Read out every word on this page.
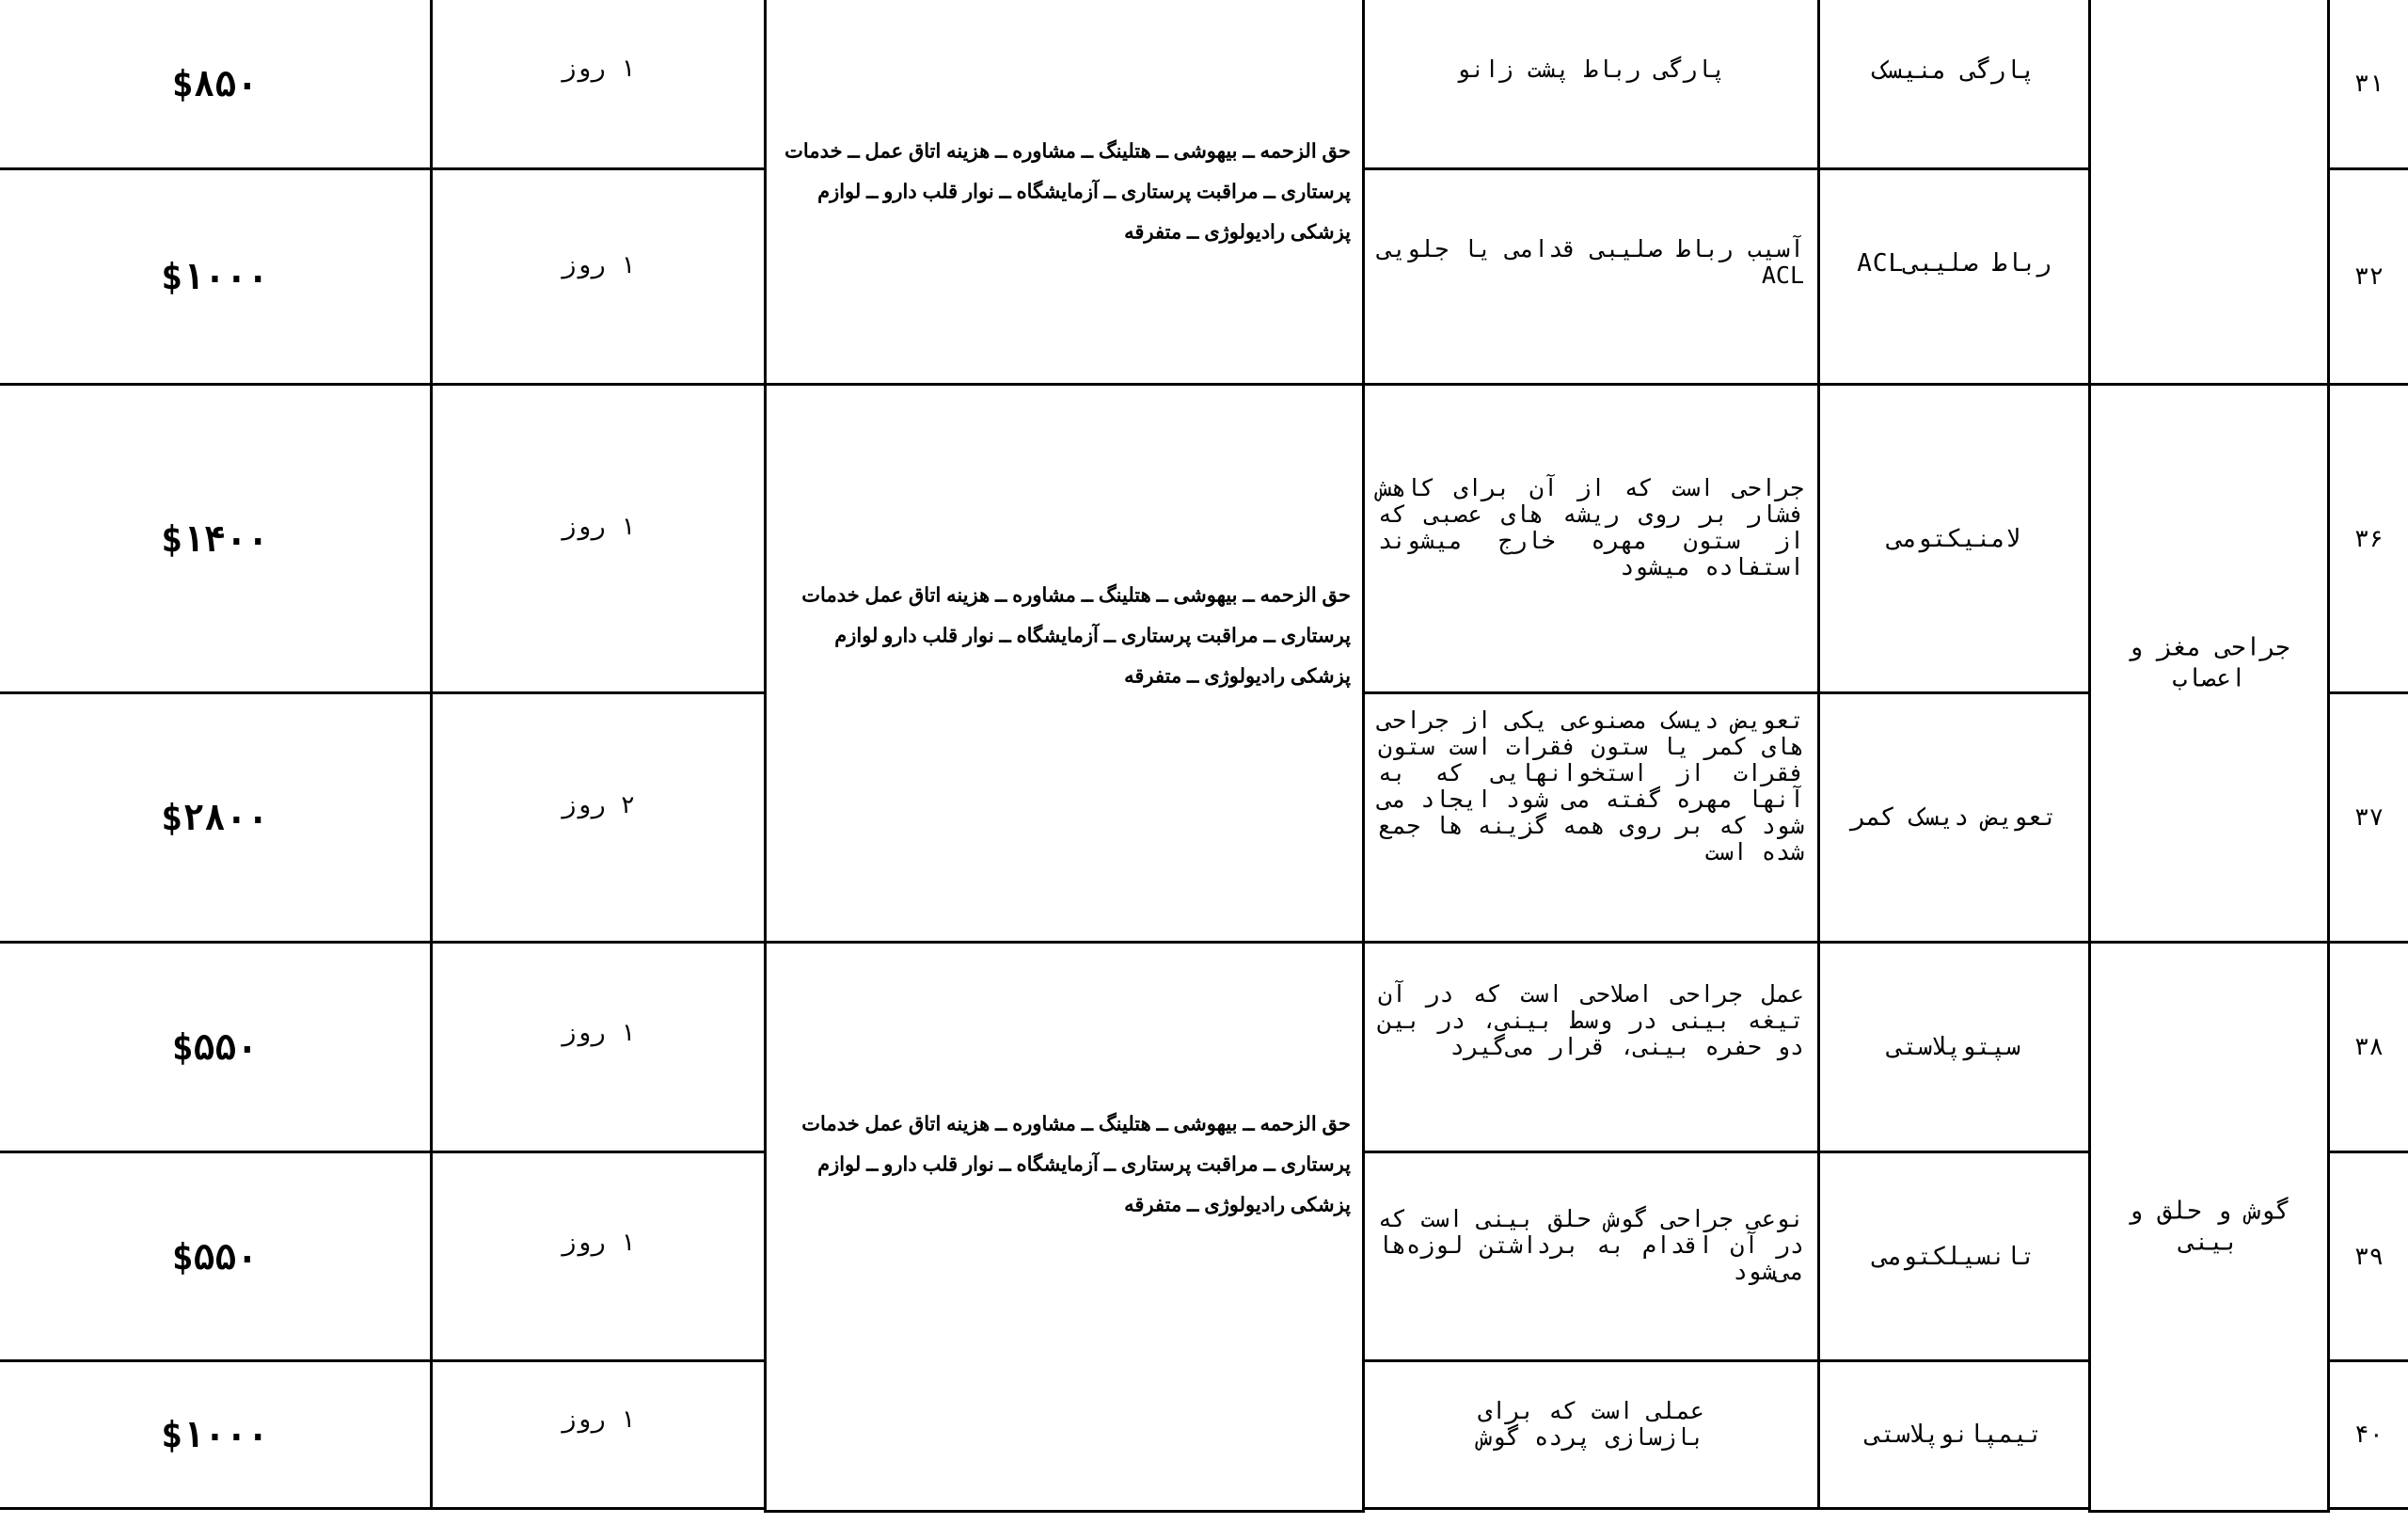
۳۱
پارگی منیسک
پارگی رباط پشت زانو
حق الزحمه ــ بیهوشی ــ هتلینگ ــ مشاوره ــ هزینه اتاق عمل ــ خدمات پرستاری ــ مراقبت پرستاری ــ آزمایشگاه ــ نوار قلب دارو ــ لوازم پزشکی رادیولوژی ــ متفرقه
۱ روز
$۸۵۰
۳۲
رباط صلیبیACL
آسیب رباط صلیبی قدامی یا جلویی ACL
۱ روز
$۱۰۰۰
۳۶
جراحی مغز و اعصاب
لامنیکتومی
جراحی است که از آن برای کاهش فشار بر روی ریشه های عصبی که از ستون مهره خارج میشوند استفاده میشود
حق الزحمه ــ بیهوشی ــ هتلینگ ــ مشاوره ــ هزینه اتاق عمل خدمات پرستاری ــ مراقبت پرستاری ــ آزمایشگاه ــ نوار قلب دارو لوازم پزشکی رادیولوژی ــ متفرقه
۱ روز
$۱۴۰۰
۳۷
تعویض دیسک کمر
تعویض دیسک مصنوعی یکی از جراحی های کمر یا ستون فقرات است ستون فقرات از استخوانهایی که به آنها مهره گفته می شود ایجاد می شود که بر روی همه گزینه ها جمع شده است
۲ روز
$۲۸۰۰
۳۸
گوش و حلق و بینی
سپتوپلاستی
عمل جراحی اصلاحی است که در آن تیغه بینی در وسط بینی، در بین دو حفره بینی، قرار می‌گیرد
حق الزحمه ــ بیهوشی ــ هتلینگ ــ مشاوره ــ هزینه اتاق عمل خدمات پرستاری ــ مراقبت پرستاری ــ آزمایشگاه ــ نوار قلب دارو ــ لوازم پزشکی رادیولوژی ــ متفرقه
۱ روز
$۵۵۰
۳۹
تانسیلکتومی
نوعی جراحی گوش حلق بینی است که در آن اقدام به برداشتن لوزه‌ها می‌شود
۱ روز
$۵۵۰
۴۰
تیمپانوپلاستی
عملی است که برای بازسازی پرده گوش
۱ روز
$۱۰۰۰
